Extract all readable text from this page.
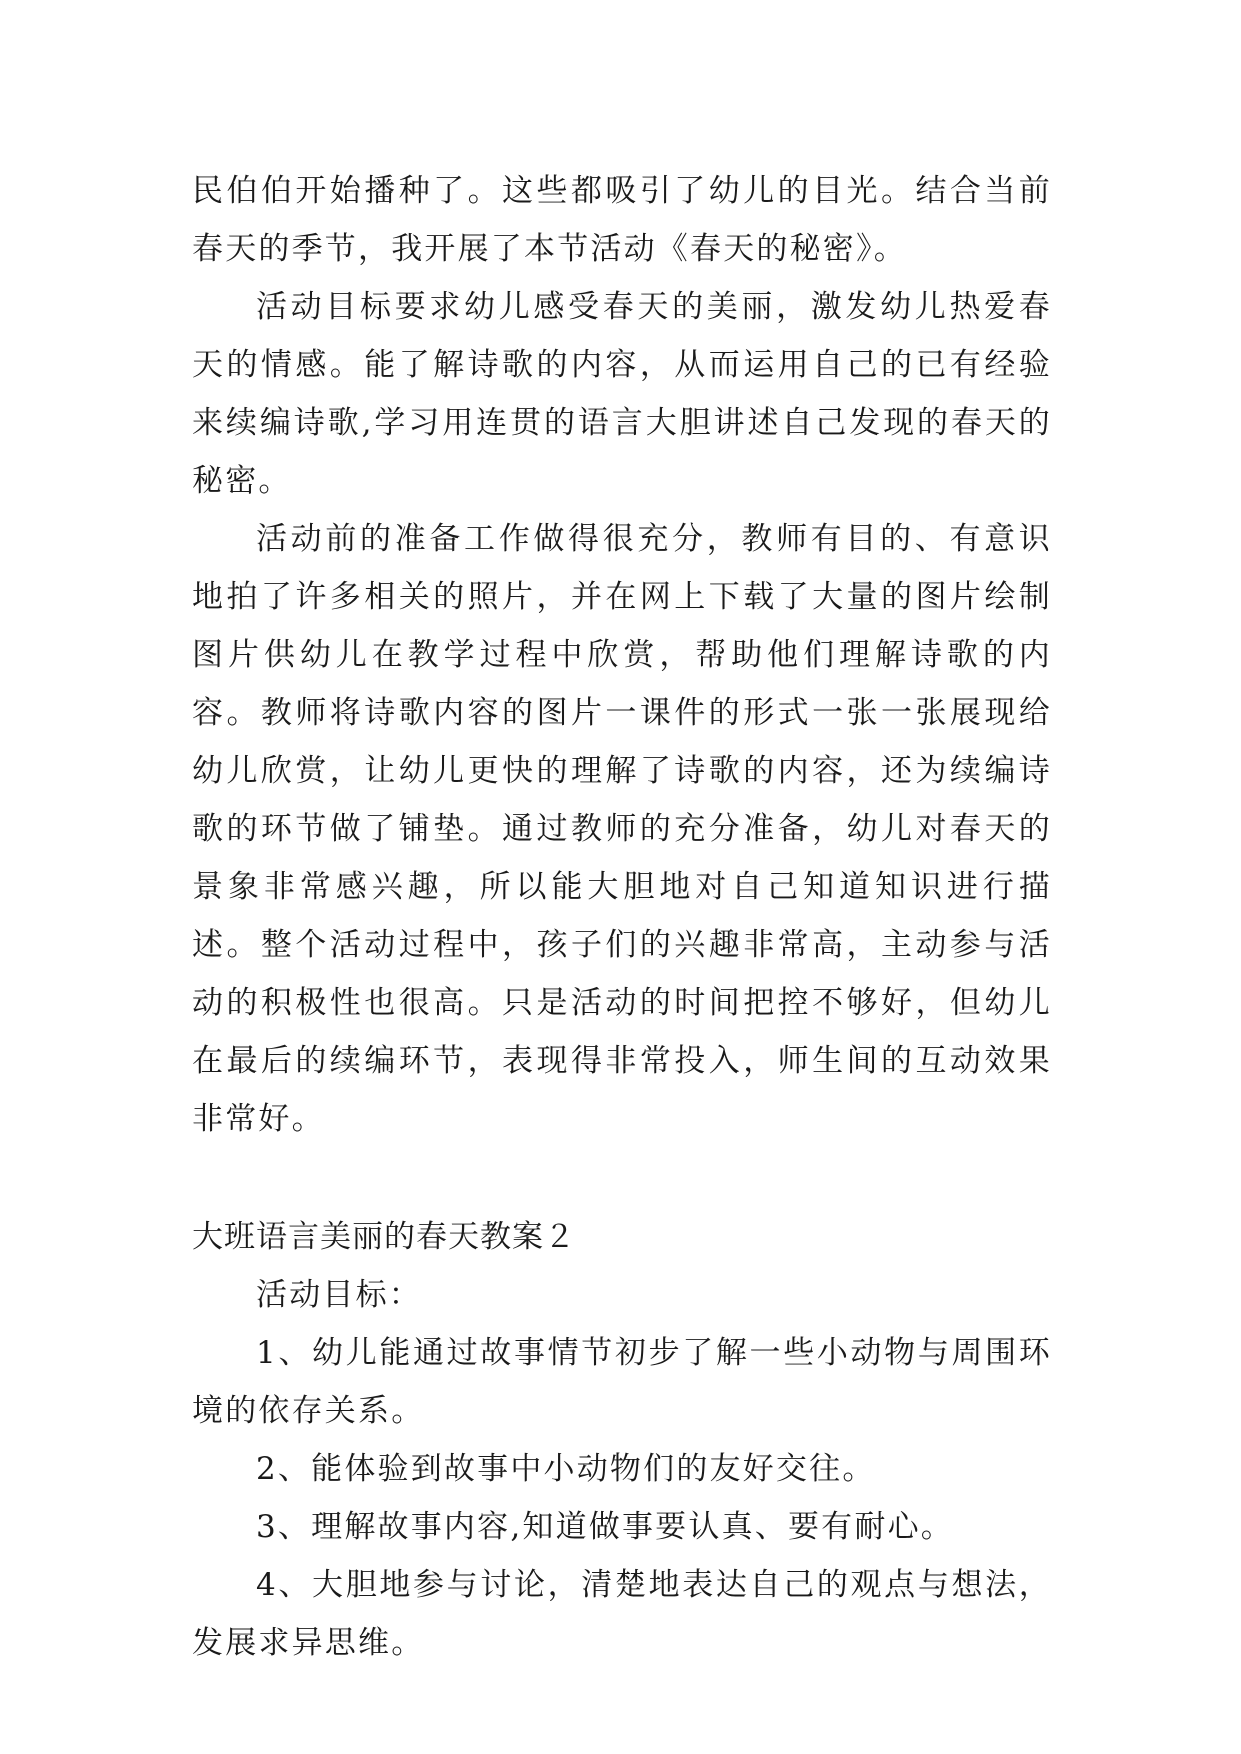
民伯伯开始播种了。这些都吸引了幼儿的目光。结合当前春天的季节，我开展了本节活动《春天的秘密》。

活动目标要求幼儿感受春天的美丽，激发幼儿热爱春天的情感。能了解诗歌的内容，从而运用自己的已有经验来续编诗歌,学习用连贯的语言大胆讲述自己发现的春天的秘密。

活动前的准备工作做得很充分，教师有目的、有意识地拍了许多相关的照片，并在网上下载了大量的图片绘制图片供幼儿在教学过程中欣赏，帮助他们理解诗歌的内容。教师将诗歌内容的图片一课件的形式一张一张展现给幼儿欣赏，让幼儿更快的理解了诗歌的内容，还为续编诗歌的环节做了铺垫。通过教师的充分准备，幼儿对春天的景象非常感兴趣，所以能大胆地对自己知道知识进行描述。整个活动过程中，孩子们的兴趣非常高，主动参与活动的积极性也很高。只是活动的时间把控不够好，但幼儿在最后的续编环节，表现得非常投入，师生间的互动效果非常好。

大班语言美丽的春天教案２

活动目标：

1、幼儿能通过故事情节初步了解一些小动物与周围环境的依存关系。

2、能体验到故事中小动物们的友好交往。

3、理解故事内容,知道做事要认真、要有耐心。

4、大胆地参与讨论，清楚地表达自己的观点与想法，发展求异思维。
